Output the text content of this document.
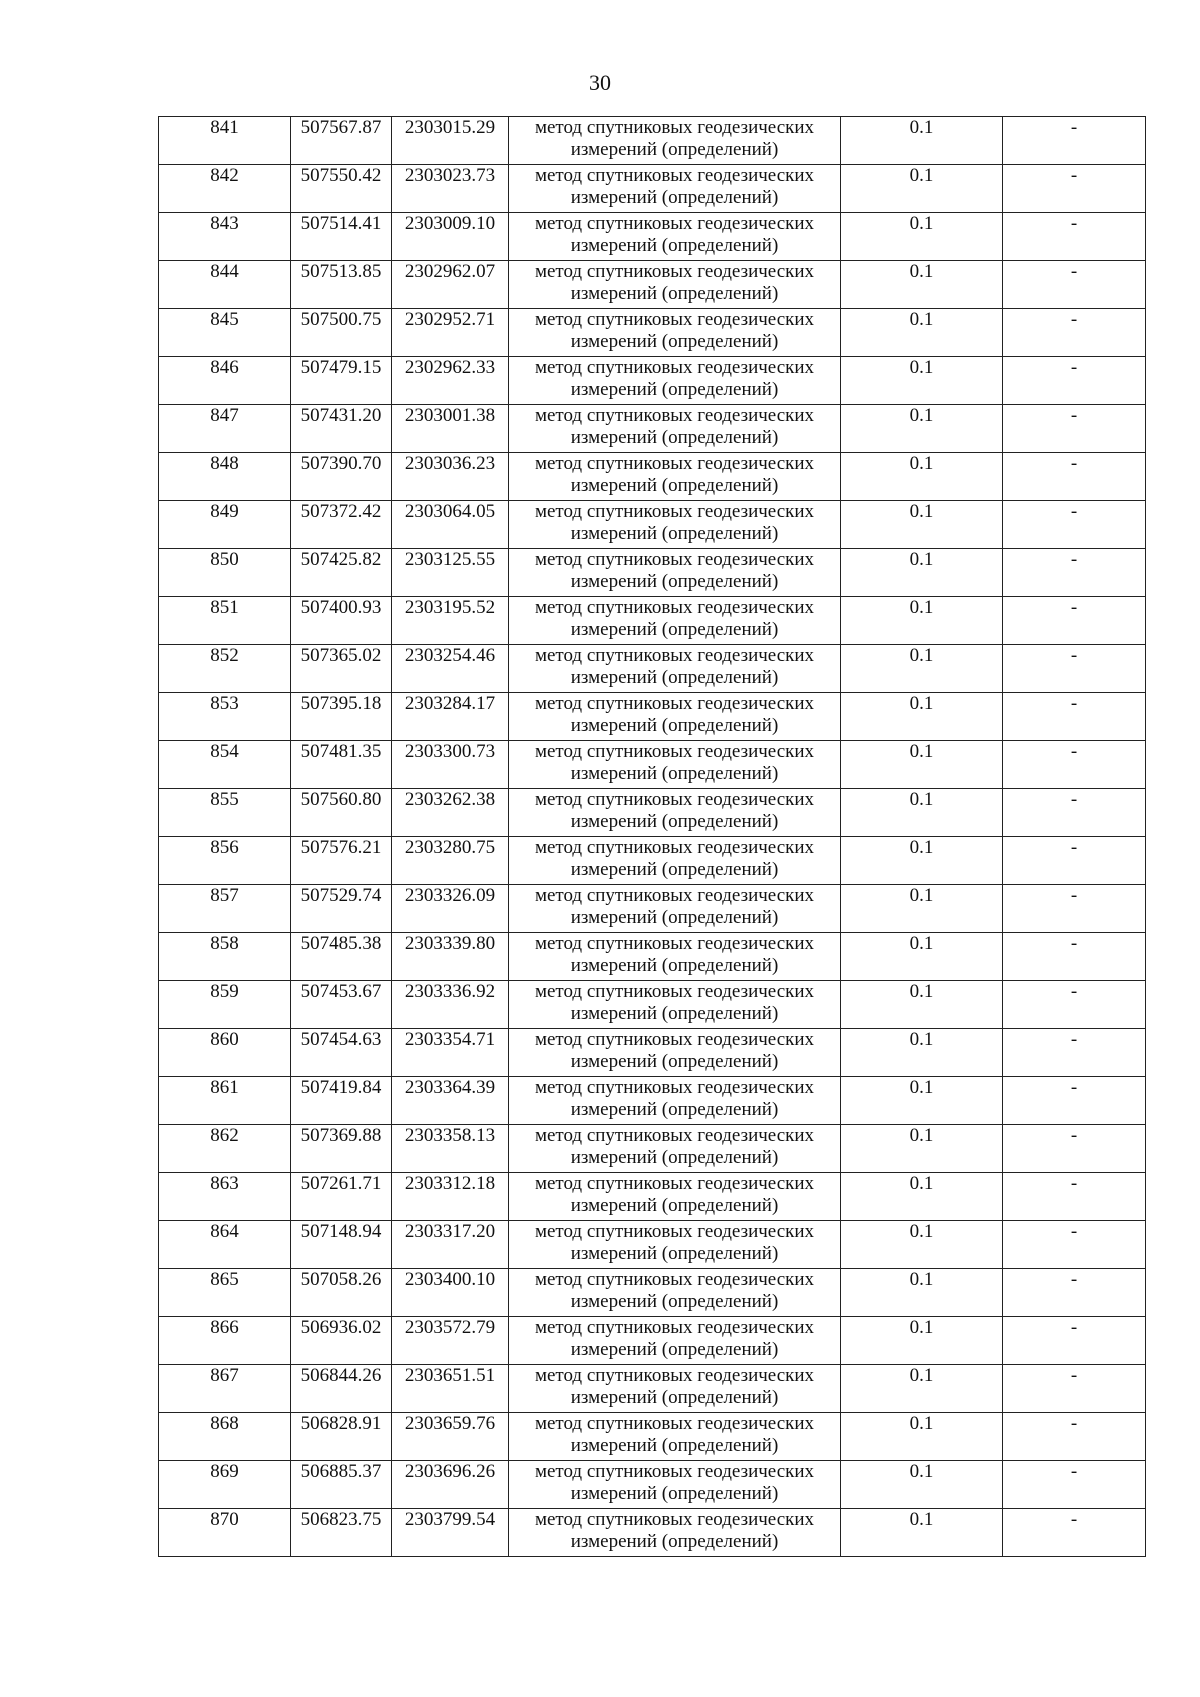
30
841	507567.87	2303015.29	метод спутниковых геодезических
измерений (определений)	0.1	-
842	507550.42	2303023.73	метод спутниковых геодезических
измерений (определений)	0.1	-
843	507514.41	2303009.10	метод спутниковых геодезических
измерений (определений)	0.1	-
844	507513.85	2302962.07	метод спутниковых геодезических
измерений (определений)	0.1	-
845	507500.75	2302952.71	метод спутниковых геодезических
измерений (определений)	0.1	-
846	507479.15	2302962.33	метод спутниковых геодезических
измерений (определений)	0.1	-
847	507431.20	2303001.38	метод спутниковых геодезических
измерений (определений)	0.1	-
848	507390.70	2303036.23	метод спутниковых геодезических
измерений (определений)	0.1	-
849	507372.42	2303064.05	метод спутниковых геодезических
измерений (определений)	0.1	-
850	507425.82	2303125.55	метод спутниковых геодезических
измерений (определений)	0.1	-
851	507400.93	2303195.52	метод спутниковых геодезических
измерений (определений)	0.1	-
852	507365.02	2303254.46	метод спутниковых геодезических
измерений (определений)	0.1	-
853	507395.18	2303284.17	метод спутниковых геодезических
измерений (определений)	0.1	-
854	507481.35	2303300.73	метод спутниковых геодезических
измерений (определений)	0.1	-
855	507560.80	2303262.38	метод спутниковых геодезических
измерений (определений)	0.1	-
856	507576.21	2303280.75	метод спутниковых геодезических
измерений (определений)	0.1	-
857	507529.74	2303326.09	метод спутниковых геодезических
измерений (определений)	0.1	-
858	507485.38	2303339.80	метод спутниковых геодезических
измерений (определений)	0.1	-
859	507453.67	2303336.92	метод спутниковых геодезических
измерений (определений)	0.1	-
860	507454.63	2303354.71	метод спутниковых геодезических
измерений (определений)	0.1	-
861	507419.84	2303364.39	метод спутниковых геодезических
измерений (определений)	0.1	-
862	507369.88	2303358.13	метод спутниковых геодезических
измерений (определений)	0.1	-
863	507261.71	2303312.18	метод спутниковых геодезических
измерений (определений)	0.1	-
864	507148.94	2303317.20	метод спутниковых геодезических
измерений (определений)	0.1	-
865	507058.26	2303400.10	метод спутниковых геодезических
измерений (определений)	0.1	-
866	506936.02	2303572.79	метод спутниковых геодезических
измерений (определений)	0.1	-
867	506844.26	2303651.51	метод спутниковых геодезических
измерений (определений)	0.1	-
868	506828.91	2303659.76	метод спутниковых геодезических
измерений (определений)	0.1	-
869	506885.37	2303696.26	метод спутниковых геодезических
измерений (определений)	0.1	-
870	506823.75	2303799.54	метод спутниковых геодезических
измерений (определений)	0.1	-
